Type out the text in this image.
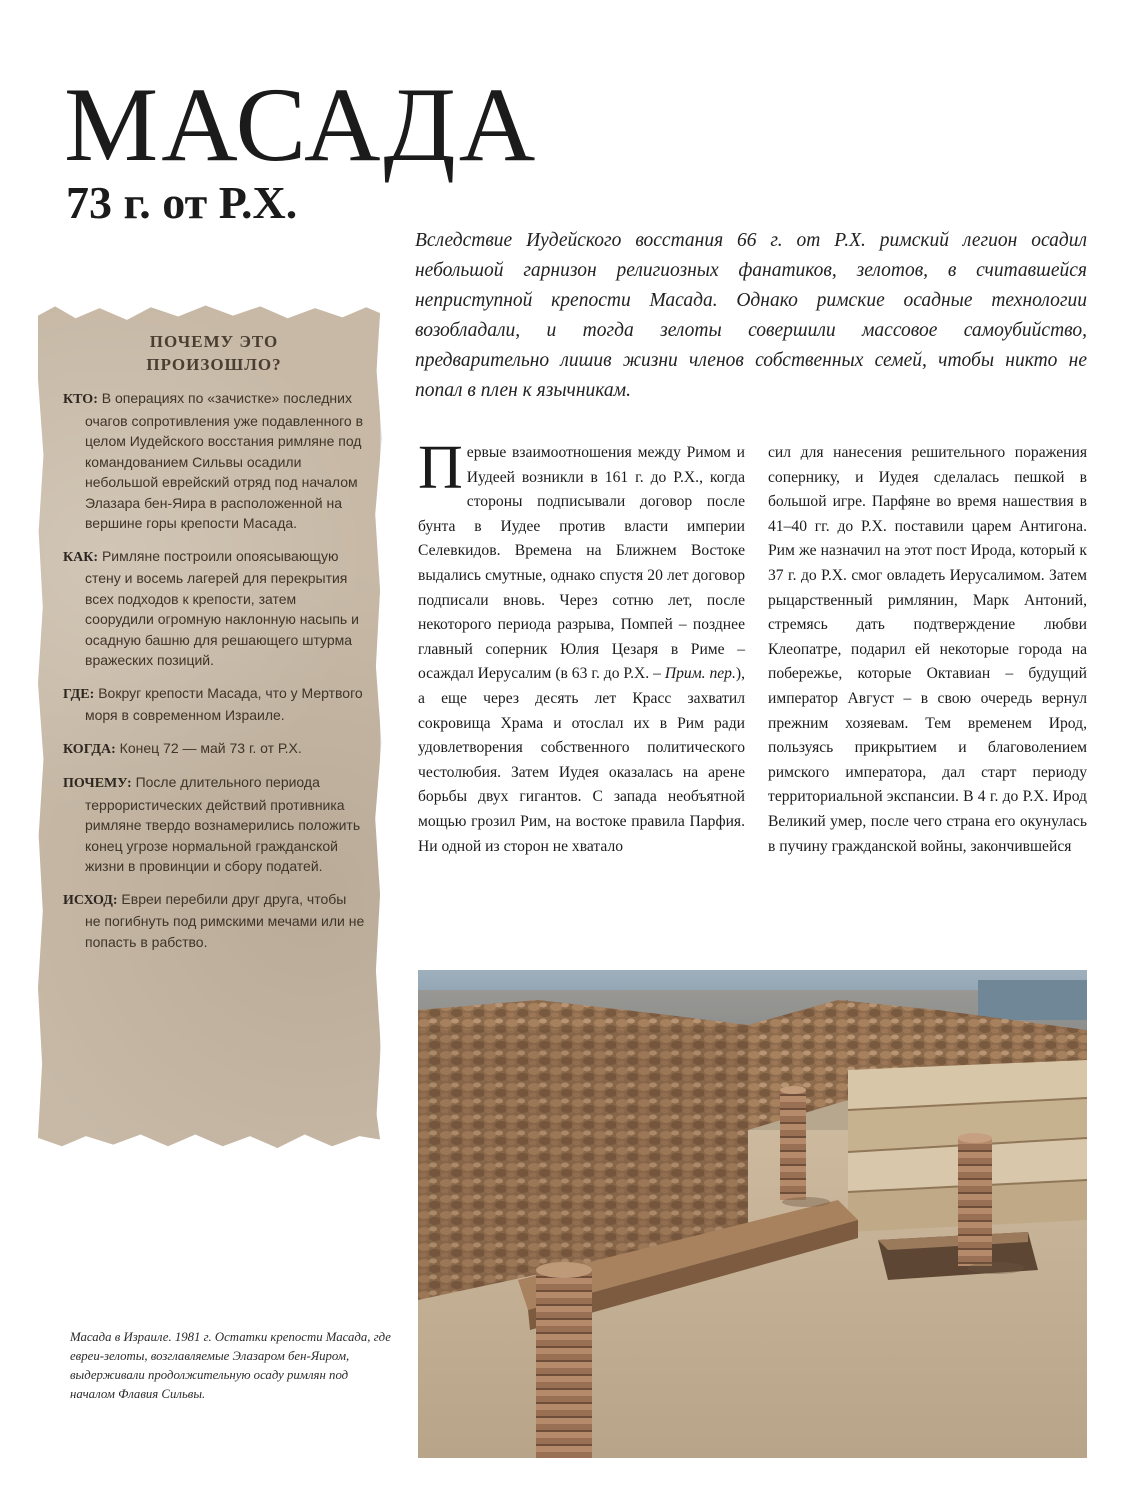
МАСАДА
73 г. от Р.Х.

Вследствие Иудейского восстания 66 г. от Р.Х. римский легион осадил небольшой гарнизон религиозных фанатиков, зелотов, в считавшейся неприступной крепости Масада. Однако римские осадные технологии возобладали, и тогда зелоты совершили массовое самоубийство, предварительно лишив жизни членов собственных семей, чтобы никто не попал в плен к язычникам.

ПОЧЕМУ ЭТО
ПРОИЗОШЛО?

КТО: В операциях по «зачистке» последних очагов сопротивления уже подавленного в целом Иудейского восстания римляне под командованием Сильвы осадили небольшой еврейский отряд под началом Элазара бен-Яира в расположенной на вершине горы крепости Масада.

КАК: Римляне построили опоясывающую стену и восемь лагерей для перекрытия всех подходов к крепости, затем соорудили огромную наклонную насыпь и осадную башню для решающего штурма вражеских позиций.

ГДЕ: Вокруг крепости Масада, что у Мертвого моря в современном Израиле.

КОГДА: Конец 72 — май 73 г. от Р.Х.

ПОЧЕМУ: После длительного периода террористических действий противника римляне твердо вознамерились положить конец угрозе нормальной гражданской жизни в провинции и сбору податей.

ИСХОД: Евреи перебили друг друга, чтобы не погибнуть под римскими мечами или не попасть в рабство.

Первые взаимоотношения между Римом и Иудеей возникли в 161 г. до Р.Х., когда стороны подписывали договор после бунта в Иудее против власти империи Селевкидов. Времена на Ближнем Востоке выдались смутные, однако спустя 20 лет договор подписали вновь. Через сотню лет, после некоторого периода разрыва, Помпей – позднее главный соперник Юлия Цезаря в Риме – осаждал Иерусалим (в 63 г. до Р.Х. – Прим. пер.), а еще через десять лет Красс захватил сокровища Храма и отослал их в Рим ради удовлетворения собственного политического честолюбия. Затем Иудея оказалась на арене борьбы двух гигантов. С запада необъятной мощью грозил Рим, на востоке правила Парфия. Ни одной из сторон не хватало
сил для нанесения решительного поражения сопернику, и Иудея сделалась пешкой в большой игре. Парфяне во время нашествия в 41–40 гг. до Р.Х. поставили царем Антигона. Рим же назначил на этот пост Ирода, который к 37 г. до Р.Х. смог овладеть Иерусалимом. Затем рыцарственный римлянин, Марк Антоний, стремясь дать подтверждение любви Клеопатре, подарил ей некоторые города на побережье, которые Октавиан – будущий император Август – в свою очередь вернул прежним хозяевам. Тем временем Ирод, пользуясь прикрытием и благоволением римского императора, дал старт периоду территориальной экспансии. В 4 г. до Р.Х. Ирод Великий умер, после чего страна его окунулась в пучину гражданской войны, закончившейся

Масада в Израиле. 1981 г. Остатки крепости Масада, где евреи-зелоты, возглавляемые Элазаром бен-Яиром, выдерживали продолжительную осаду римлян под началом Флавия Сильвы.
